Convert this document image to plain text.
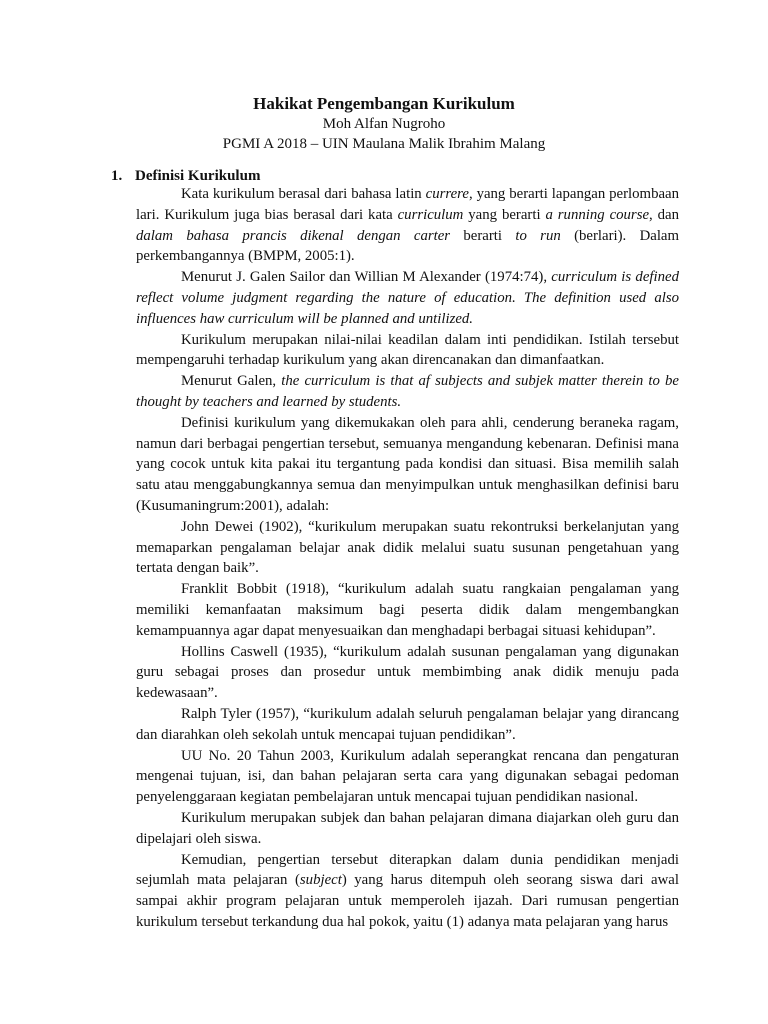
Hakikat Pengembangan Kurikulum
Moh Alfan Nugroho
PGMI A 2018 – UIN Maulana Malik Ibrahim Malang
1. Definisi Kurikulum

Kata kurikulum berasal dari bahasa latin currere, yang berarti lapangan perlombaan lari. Kurikulum juga bias berasal dari kata curriculum yang berarti a running course, dan dalam bahasa prancis dikenal dengan carter berarti to run (berlari). Dalam perkembangannya (BMPM, 2005:1).

Menurut J. Galen Sailor dan Willian M Alexander (1974:74), curriculum is defined reflect volume judgment regarding the nature of education. The definition used also influences haw curriculum will be planned and untilized.

Kurikulum merupakan nilai-nilai keadilan dalam inti pendidikan. Istilah tersebut mempengaruhi terhadap kurikulum yang akan direncanakan dan dimanfaatkan.

Menurut Galen, the curriculum is that af subjects and subjek matter therein to be thought by teachers and learned by students.

Definisi kurikulum yang dikemukakan oleh para ahli, cenderung beraneka ragam, namun dari berbagai pengertian tersebut, semuanya mengandung kebenaran. Definisi mana yang cocok untuk kita pakai itu tergantung pada kondisi dan situasi. Bisa memilih salah satu atau menggabungkannya semua dan menyimpulkan untuk menghasilkan definisi baru (Kusumaningrum:2001), adalah:

John Dewei (1902), “kurikulum merupakan suatu rekontruksi berkelanjutan yang memaparkan pengalaman belajar anak didik melalui suatu susunan pengetahuan yang tertata dengan baik”.

Franklit Bobbit (1918), “kurikulum adalah suatu rangkaian pengalaman yang memiliki kemanfaatan maksimum bagi peserta didik dalam mengembangkan kemampuannya agar dapat menyesuaikan dan menghadapi berbagai situasi kehidupan”.

Hollins Caswell (1935), “kurikulum adalah susunan pengalaman yang digunakan guru sebagai proses dan prosedur untuk membimbing anak didik menuju pada kedewasaan”.

Ralph Tyler (1957), “kurikulum adalah seluruh pengalaman belajar yang dirancang dan diarahkan oleh sekolah untuk mencapai tujuan pendidikan”.

UU No. 20 Tahun 2003, Kurikulum adalah seperangkat rencana dan pengaturan mengenai tujuan, isi, dan bahan pelajaran serta cara yang digunakan sebagai pedoman penyelenggaraan kegiatan pembelajaran untuk mencapai tujuan pendidikan nasional.

Kurikulum merupakan subjek dan bahan pelajaran dimana diajarkan oleh guru dan dipelajari oleh siswa.

Kemudian, pengertian tersebut diterapkan dalam dunia pendidikan menjadi sejumlah mata pelajaran (subject) yang harus ditempuh oleh seorang siswa dari awal sampai akhir program pelajaran untuk memperoleh ijazah. Dari rumusan pengertian kurikulum tersebut terkandung dua hal pokok, yaitu (1) adanya mata pelajaran yang harus
